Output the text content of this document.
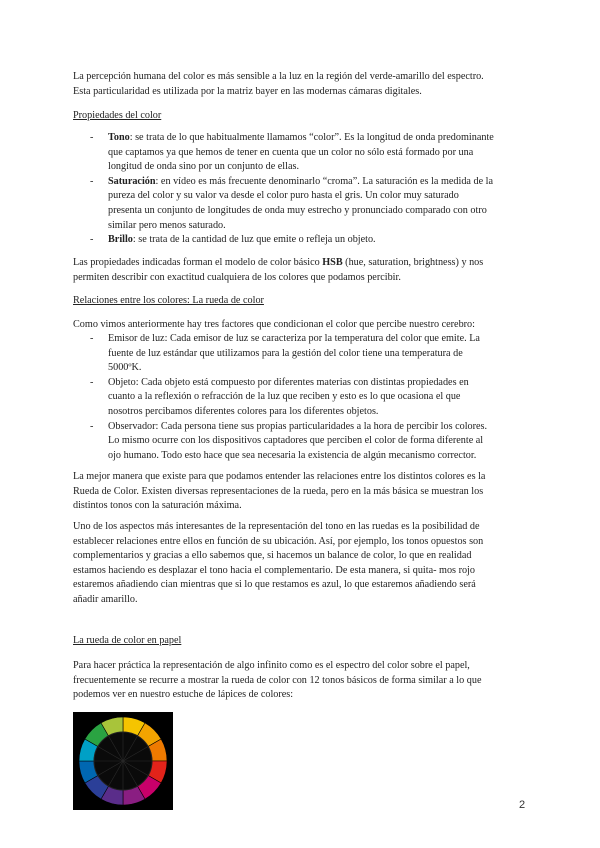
La percepción humana del color es más sensible a la luz en la región del verde-amarillo del espectro.

Esta particularidad es utilizada por la matriz bayer en las modernas cámaras digitales.

Propiedades del color

- Tono: se trata de lo que habitualmente llamamos “color”. Es la longitud de onda predominante
que captamos ya que hemos de tener en cuenta que un color no sólo está formado por una
longitud de onda sino por un conjunto de ellas.
- Saturación: en vídeo es más frecuente denominarlo “croma”. La saturación es la medida de la
pureza del color y su valor va desde el color puro hasta el gris. Un color muy saturado
presenta un conjunto de longitudes de onda muy estrecho y pronunciado comparado con otro
similar pero menos saturado.
- Brillo: se trata de la cantidad de luz que emite o refleja un objeto.

Las propiedades indicadas forman el modelo de color básico HSB (hue, saturation, brightness) y nos

permiten describir con exactitud cualquiera de los colores que podamos percibir.

Relaciones entre los colores: La rueda de color

Como vimos anteriormente hay tres factores que condicionan el color que percibe nuestro cerebro:

- Emisor de luz: Cada emisor de luz se caracteriza por la temperatura del color que emite. La
fuente de luz estándar que utilizamos para la gestión del color tiene una temperatura de
5000ºK.
- Objeto: Cada objeto está compuesto por diferentes materias con distintas propiedades en
cuanto a la reflexión o refracción de la luz que reciben y esto es lo que ocasiona el que
nosotros percibamos diferentes colores para los diferentes objetos.
- Observador: Cada persona tiene sus propias particularidades a la hora de percibir los colores.
Lo mismo ocurre con los dispositivos captadores que perciben el color de forma diferente al
ojo humano. Todo esto hace que sea necesaria la existencia de algún mecanismo corrector.

La mejor manera que existe para que podamos entender las relaciones entre los distintos colores es la

Rueda de Color. Existen diversas representaciones de la rueda, pero en la más básica se muestran los

distintos tonos con la saturación máxima.

Uno de los aspectos más interesantes de la representación del tono en las ruedas es la posibilidad de

establecer relaciones entre ellos en función de su ubicación. Así, por ejemplo, los tonos opuestos son

complementarios y gracias a ello sabemos que, si hacemos un balance de color, lo que en realidad

estamos haciendo es desplazar el tono hacia el complementario. De esta manera, si quita- mos rojo

estaremos añadiendo cian mientras que si lo que restamos es azul, lo que estaremos añadiendo será

añadir amarillo.

La rueda de color en papel

Para hacer práctica la representación de algo infinito como es el espectro del color sobre el papel,

frecuentemente se recurre a mostrar la rueda de color con 12 tonos básicos de forma similar a lo que

podemos ver en nuestro estuche de lápices de colores:

2
